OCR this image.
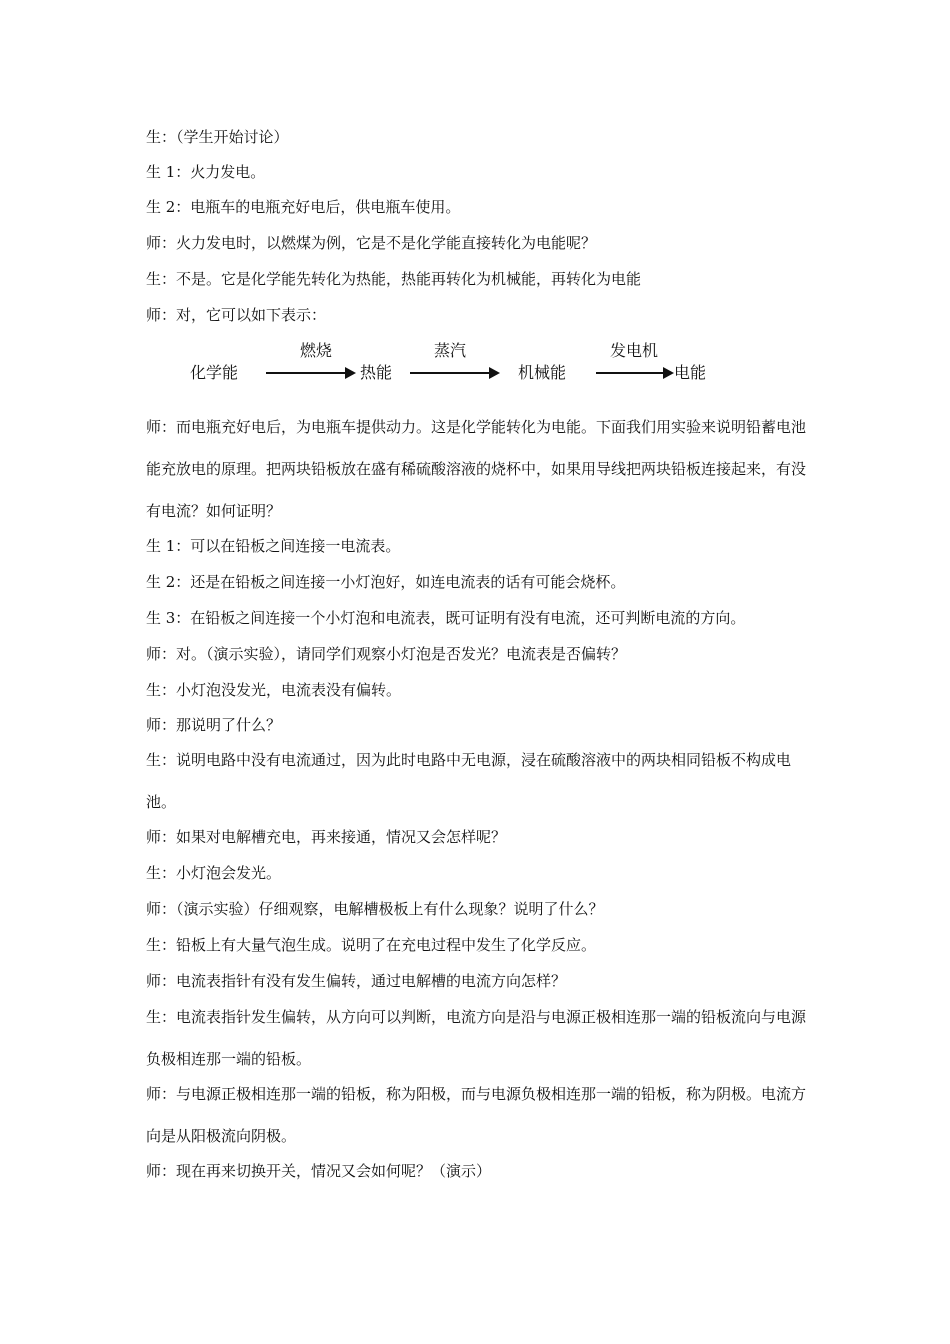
生：（学生开始讨论）
生 1：火力发电。
生 2：电瓶车的电瓶充好电后，供电瓶车使用。
师：火力发电时，以燃煤为例，它是不是化学能直接转化为电能呢？
生：不是。它是化学能先转化为热能，热能再转化为机械能，再转化为电能
师：对，它可以如下表示：
化学能
燃烧
热能
蒸汽
机械能
发电机
电能
师：而电瓶充好电后，为电瓶车提供动力。这是化学能转化为电能。下面我们用实验来说明铅蓄电池能充放电的原理。把两块铅板放在盛有稀硫酸溶液的烧杯中，如果用导线把两块铅板连接起来，有没有电流？如何证明？
生 1：可以在铅板之间连接一电流表。
生 2：还是在铅板之间连接一小灯泡好，如连电流表的话有可能会烧杯。
生 3：在铅板之间连接一个小灯泡和电流表，既可证明有没有电流，还可判断电流的方向。
师：对。（演示实验），请同学们观察小灯泡是否发光？电流表是否偏转？
生：小灯泡没发光，电流表没有偏转。
师：那说明了什么？
生：说明电路中没有电流通过，因为此时电路中无电源，浸在硫酸溶液中的两块相同铅板不构成电池。
师：如果对电解槽充电，再来接通，情况又会怎样呢？
生：小灯泡会发光。
师：（演示实验）仔细观察，电解槽极板上有什么现象？说明了什么？
生：铅板上有大量气泡生成。说明了在充电过程中发生了化学反应。
师：电流表指针有没有发生偏转，通过电解槽的电流方向怎样？
生：电流表指针发生偏转，从方向可以判断，电流方向是沿与电源正极相连那一端的铅板流向与电源负极相连那一端的铅板。
师：与电源正极相连那一端的铅板，称为阳极，而与电源负极相连那一端的铅板，称为阴极。电流方向是从阳极流向阴极。
师：现在再来切换开关，情况又会如何呢？（演示）
